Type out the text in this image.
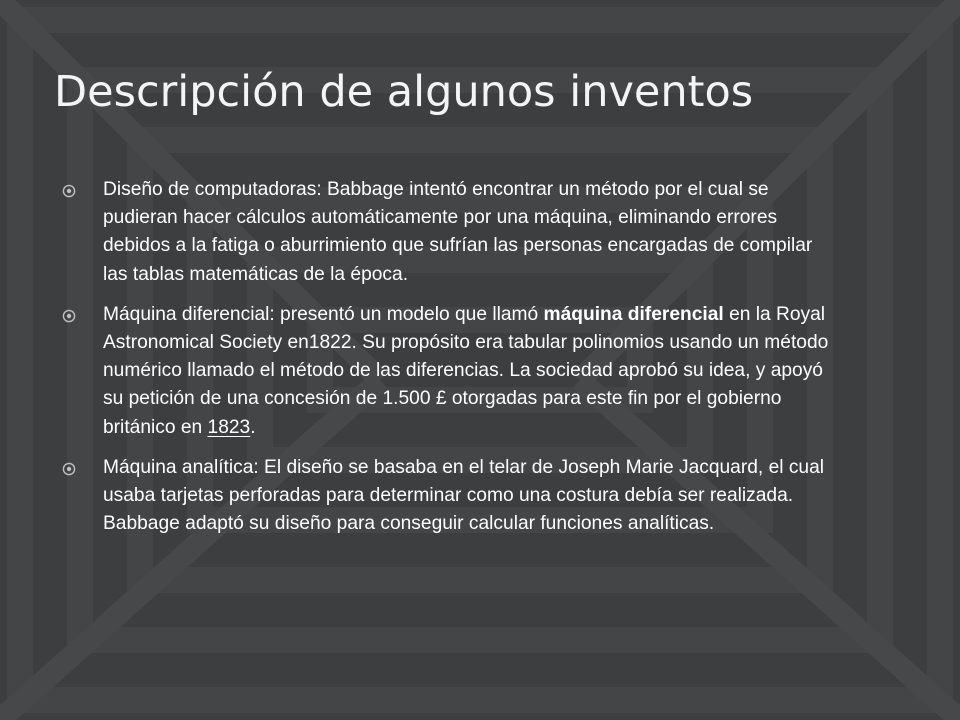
Descripción de algunos inventos
Diseño de computadoras: Babbage intentó encontrar un método por el cual se pudieran hacer cálculos automáticamente por una máquina, eliminando errores debidos a la fatiga o aburrimiento que sufrían las personas encargadas de compilar las tablas matemáticas de la época.
Máquina diferencial: presentó un modelo que llamó máquina diferencial en la Royal Astronomical Society en1822. Su propósito era tabular polinomios usando un método numérico llamado el método de las diferencias. La sociedad aprobó su idea, y apoyó su petición de una concesión de 1.500 £ otorgadas para este fin por el gobierno británico en 1823.
Máquina analítica: El diseño se basaba en el telar de Joseph Marie Jacquard, el cual usaba tarjetas perforadas para determinar como una costura debía ser realizada. Babbage adaptó su diseño para conseguir calcular funciones analíticas.
